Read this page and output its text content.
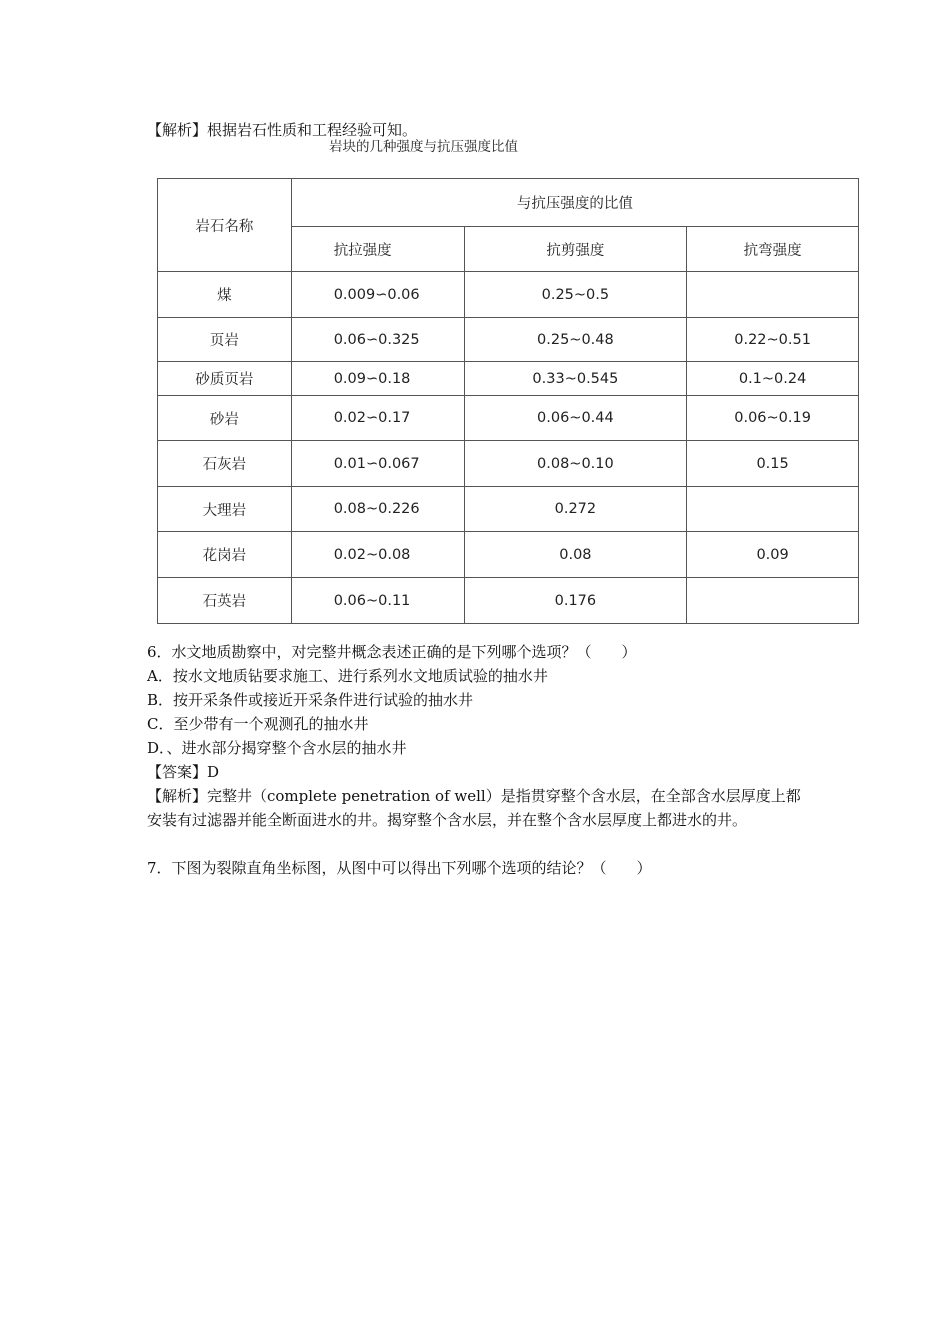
【解析】根据岩石性质和工程经验可知。
岩块的几种强度与抗压强度比值
岩石名称	与抗压强度的比值		
	抗拉强度	抗剪强度	抗弯强度
煤	0.009∽0.06	0.25~0.5	
页岩	0.06∽0.325	0.25~0.48	0.22~0.51
砂质页岩	0.09∽0.18	0.33~0.545	0.1~0.24
砂岩	0.02∽0.17	0.06~0.44	0.06~0.19
石灰岩	0.01∽0.067	0.08~0.10	0.15
大理岩	0.08~0.226	0.272	
花岗岩	0.02~0.08	0.08	0.09
石英岩	0.06~0.11	0.176	
6．水文地质勘察中，对完整井概念表述正确的是下列哪个选项？（　　）
A．按水文地质钻要求施工、进行系列水文地质试验的抽水井
B．按开采条件或接近开采条件进行试验的抽水井
C．至少带有一个观测孔的抽水井
D．、进水部分揭穿整个含水层的抽水井
【答案】D
【解析】完整井（complete penetration of well）是指贯穿整个含水层，在全部含水层厚度上都安装有过滤器并能全断面进水的井。揭穿整个含水层，并在整个含水层厚度上都进水的井。
7．下图为裂隙直角坐标图，从图中可以得出下列哪个选项的结论？（　　）
